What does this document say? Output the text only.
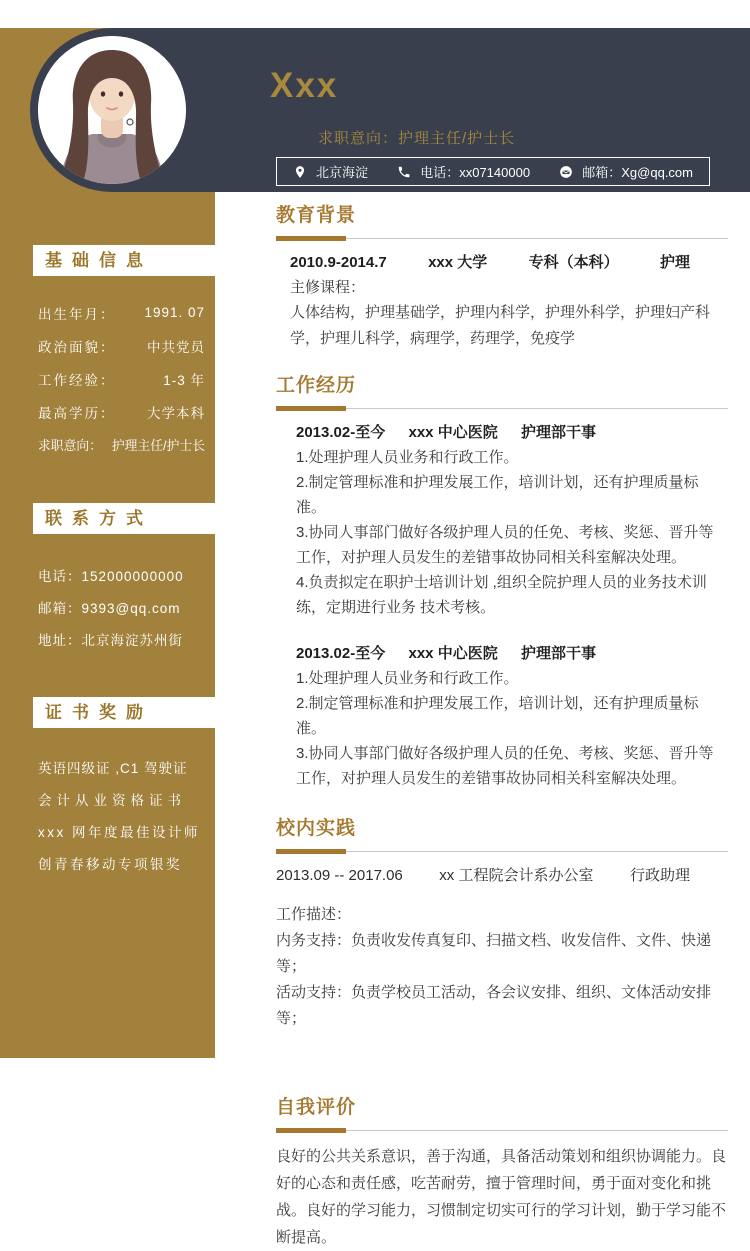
基础信息
出生年月： 1991. 07
政治面貌： 中共党员
工作经验：	1-3 年
最高学历： 大学本科
求职意向： 护理主任/护士长
联系方式
电话：152000000000
邮箱：9393@qq.com
地址：北京海淀苏州街
证书奖励
英语四级证 ,C1 驾驶证
会计从业资格证书
xxx 网年度最佳设计师
创青春移动专项银奖
Xxx
求职意向：护理主任/护士长
北京海淀	电话：xx07140000	邮箱：Xg@qq.com
教育背景
2010.9-2014.7	xxx 大学	专科（本科）	护理
主修课程：
人体结构，护理基础学，护理内科学，护理外科学，护理妇产科学，护理儿科学，病理学，药理学，免疫学
工作经历
2013.02-至今 xxx 中心医院 护理部干事
1.处理护理人员业务和行政工作。
2.制定管理标准和护理发展工作，培训计划，还有护理质量标准。
3.协同人事部门做好各级护理人员的任免、考核、奖惩、晋升等工作，对护理人员发生的差错事故协同相关科室解决处理。
4.负责拟定在职护士培训计划 ,组织全院护理人员的业务技术训练，定期进行业务 技术考核。
2013.02-至今 xxx 中心医院 护理部干事
1.处理护理人员业务和行政工作。
2.制定管理标准和护理发展工作，培训计划，还有护理质量标准。
3.协同人事部门做好各级护理人员的任免、考核、奖惩、晋升等工作，对护理人员发生的差错事故协同相关科室解决处理。
校内实践
2013.09 -- 2017.06 xx 工程院会计系办公室 行政助理
工作描述：
内务支持：负责收发传真复印、扫描文档、收发信件、文件、快递等；
活动支持：负责学校员工活动，各会议安排、组织、文体活动安排等；
自我评价
良好的公共关系意识，善于沟通，具备活动策划和组织协调能力。良好的心态和责任感，吃苦耐劳，擅于管理时间，勇于面对变化和挑战。良好的学习能力，习惯制定切实可行的学习计划，勤于学习能不断提高。
